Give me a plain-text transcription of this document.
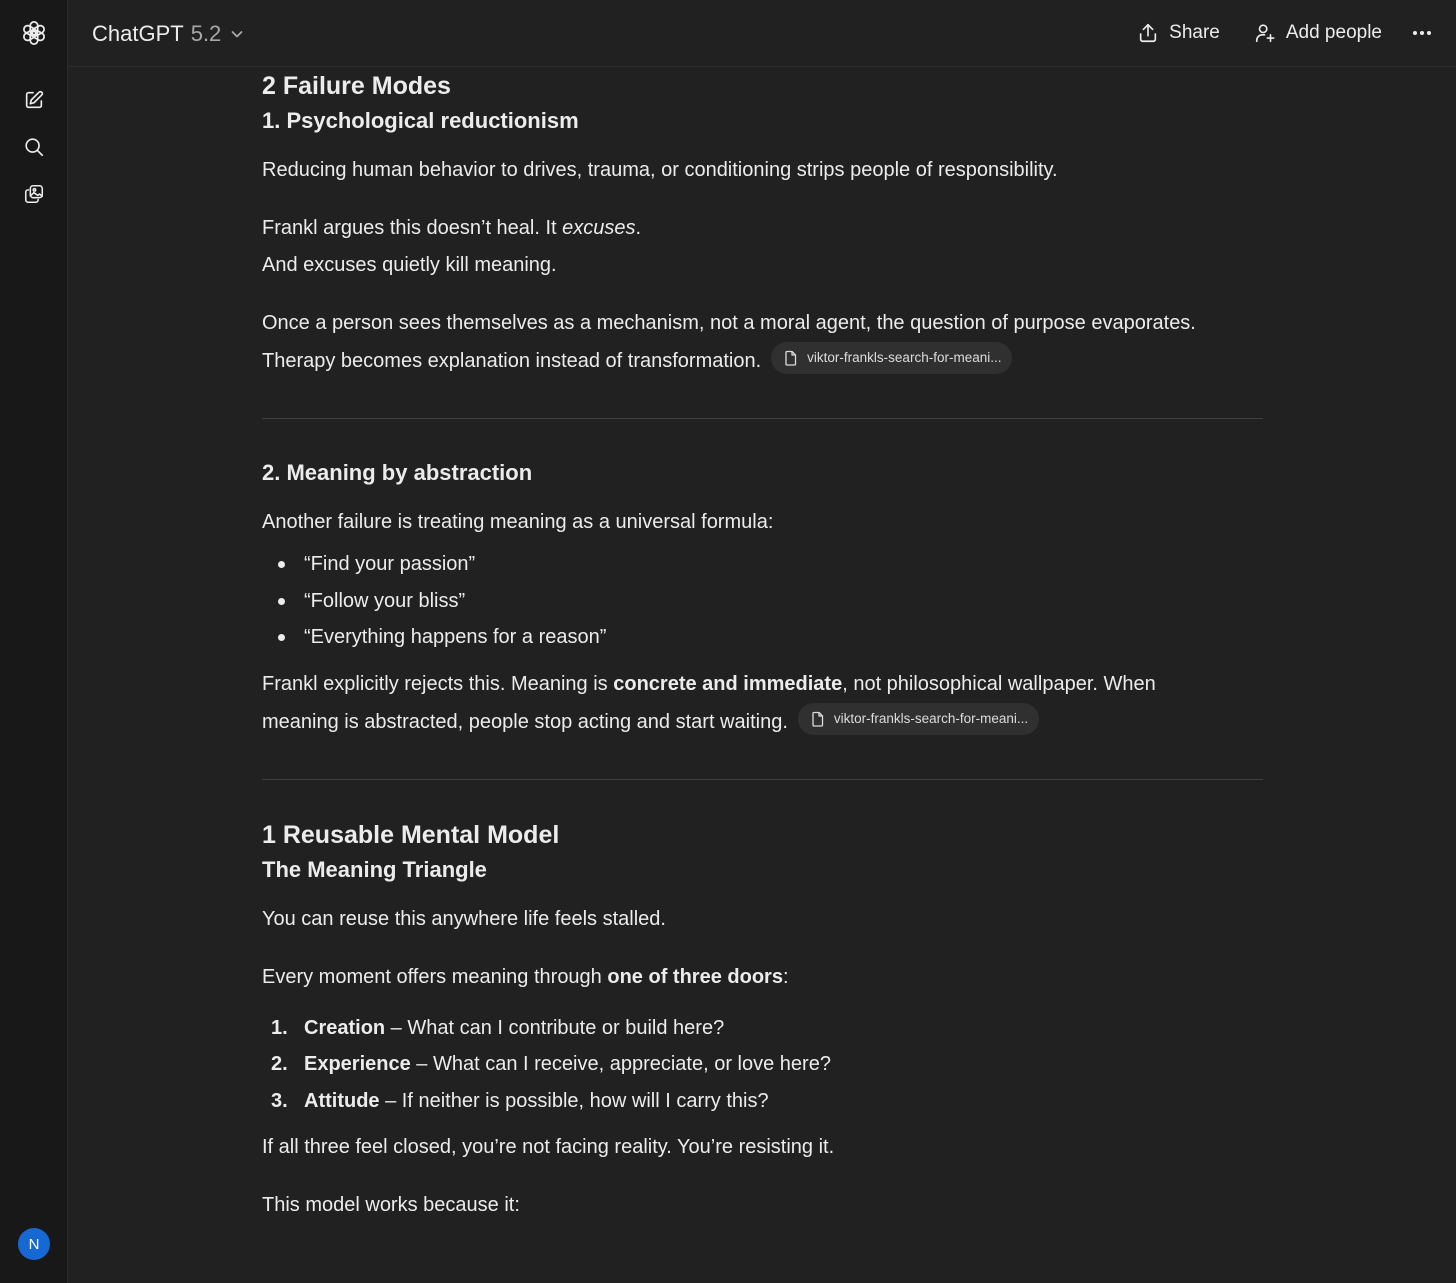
N
ChatGPT 5.2	Share	Add people
2 Failure Modes
1. Psychological reductionism

Reducing human behavior to drives, trauma, or conditioning strips people of responsibility.

Frankl argues this doesn’t heal. It excuses.
And excuses quietly kill meaning.

Once a person sees themselves as a mechanism, not a moral agent, the question of purpose evaporates.
Therapy becomes explanation instead of transformation.	viktor-frankls-search-for-meani...

2. Meaning by abstraction

Another failure is treating meaning as a universal formula:

“Find your passion”
“Follow your bliss”
“Everything happens for a reason”

Frankl explicitly rejects this. Meaning is concrete and immediate, not philosophical wallpaper. When
meaning is abstracted, people stop acting and start waiting.	viktor-frankls-search-for-meani...

1 Reusable Mental Model
The Meaning Triangle

You can reuse this anywhere life feels stalled.

Every moment offers meaning through one of three doors:

1. Creation – What can I contribute or build here?
2. Experience – What can I receive, appreciate, or love here?
3. Attitude – If neither is possible, how will I carry this?

If all three feel closed, you’re not facing reality. You’re resisting it.

This model works because it:
